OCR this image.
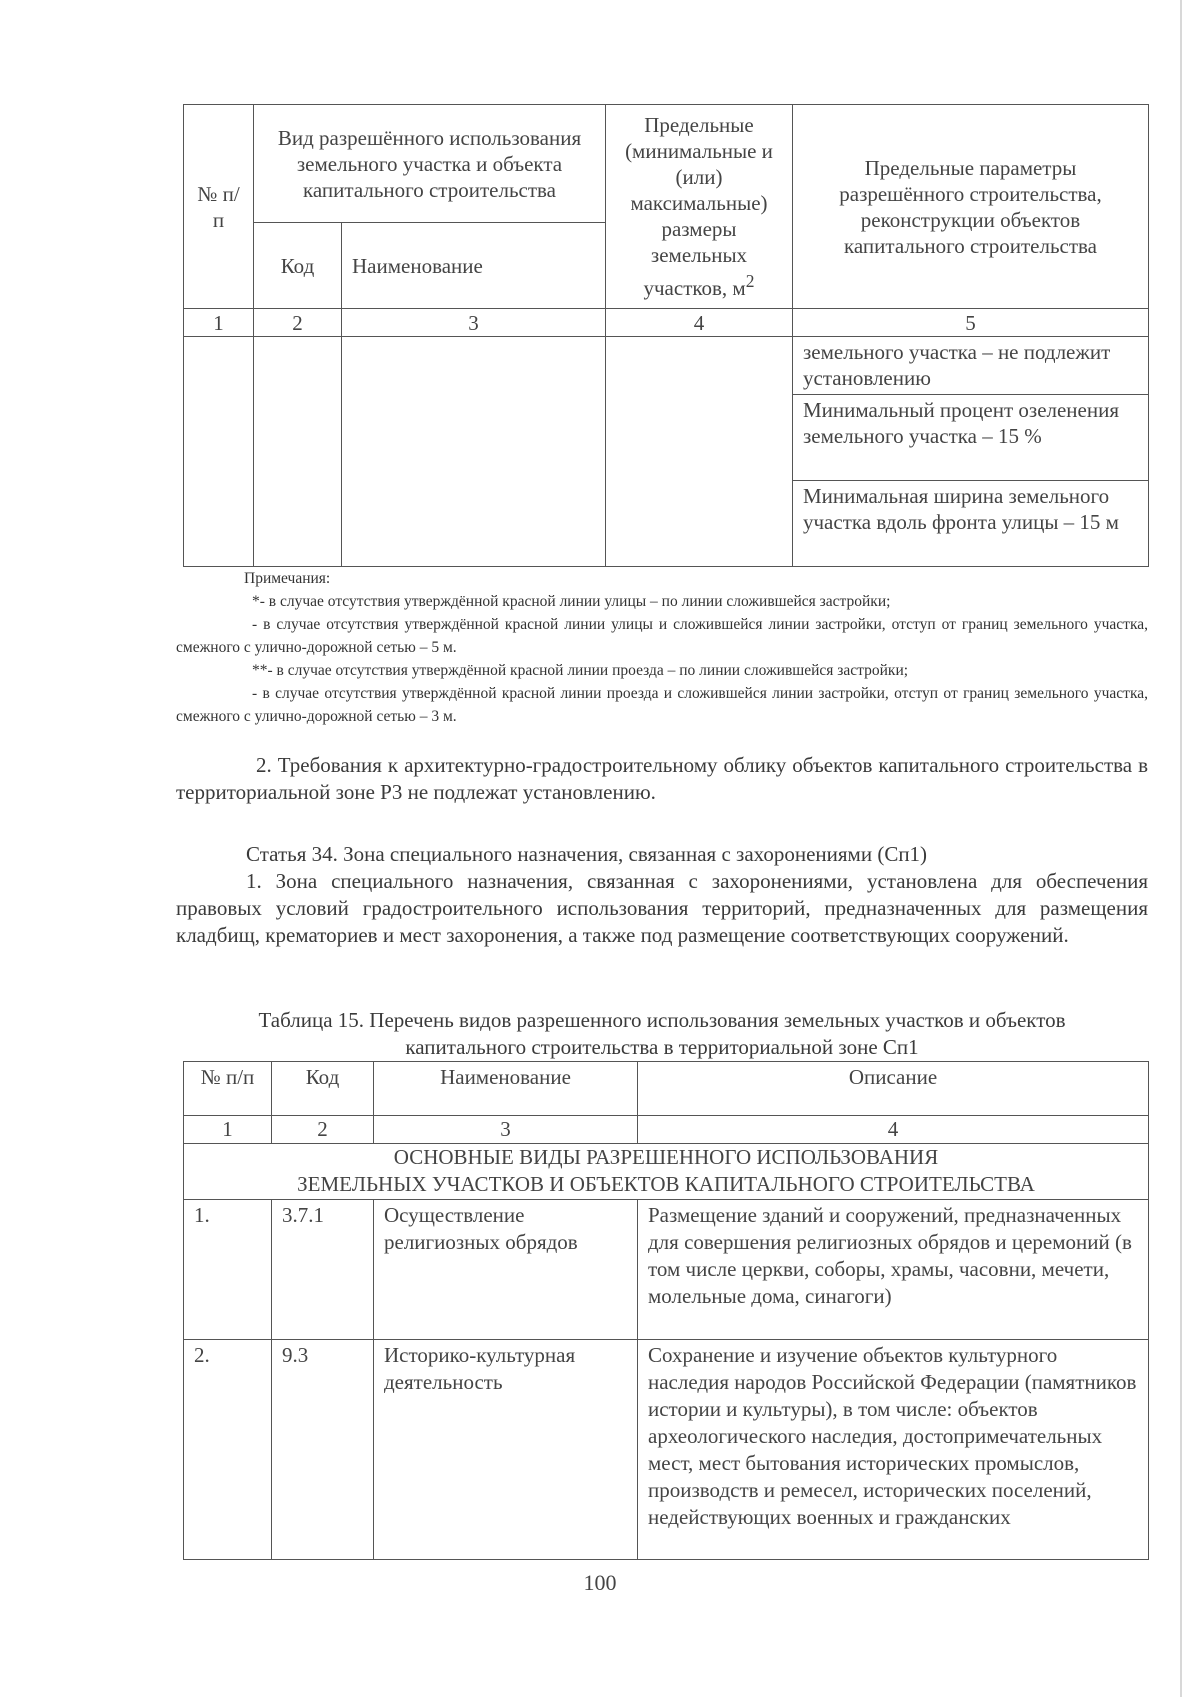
№ п/п	Вид разрешённого использования земельного участка и объекта капитального строительства		Предельные (минимальные и (или) максимальные) размеры земельных участков, $м^2$	Предельные параметры разрешённого строительства, реконструкции объектов капитального строительства

	Код	Наименование		

1	2	3	4	5

				земельного участка – не подлежит установлению

				Минимальный процент озеленения земельного участка – 15 %

				Минимальная ширина земельного участка вдоль фронта улицы – 15 м

Примечания:

*- в случае отсутствия утверждённой красной линии улицы – по линии сложившейся застройки;

- в случае отсутствия утверждённой красной линии улицы и сложившейся линии застройки, отступ от границ земельного участка, смежного с улично-дорожной сетью – 5 м.

**- в случае отсутствия утверждённой красной линии проезда – по линии сложившейся застройки;

- в случае отсутствия утверждённой красной линии проезда и сложившейся линии застройки, отступ от границ земельного участка, смежного с улично-дорожной сетью – 3 м.

2. Требования к архитектурно-градостроительному облику объектов капитального строительства в территориальной зоне Р3 не подлежат установлению.

Статья 34. Зона специального назначения, связанная с захоронениями (Сп1)

1. Зона специального назначения, связанная с захоронениями, установлена для обеспечения правовых условий градостроительного использования территорий, предназначенных для размещения кладбищ, крематориев и мест захоронения, а также под размещение соответствующих сооружений.

Таблица 15. Перечень видов разрешенного использования земельных участков и объектов
капитального строительства в территориальной зоне Сп1
№ п/п	Код	Наименование	Описание

1	2	3	4

ОСНОВНЫЕ ВИДЫ РАЗРЕШЕННОГО ИСПОЛЬЗОВАНИЯ
ЗЕМЕЛЬНЫХ УЧАСТКОВ И ОБЪЕКТОВ КАПИТАЛЬНОГО СТРОИТЕЛЬСТВА			

1.	3.7.1	Осуществление религиозных обрядов	Размещение зданий и сооружений, предназначенных для совершения религиозных обрядов и церемоний (в том числе церкви, соборы, храмы, часовни, мечети, молельные дома, синагоги)

2.	9.3	Историко-культурная деятельность	Сохранение и изучение объектов культурного наследия народов Российской Федерации (памятников истории и культуры), в том числе: объектов археологического наследия, достопримечательных мест, мест бытования исторических промыслов, производств и ремесел, исторических поселений, недействующих военных и гражданских
100
